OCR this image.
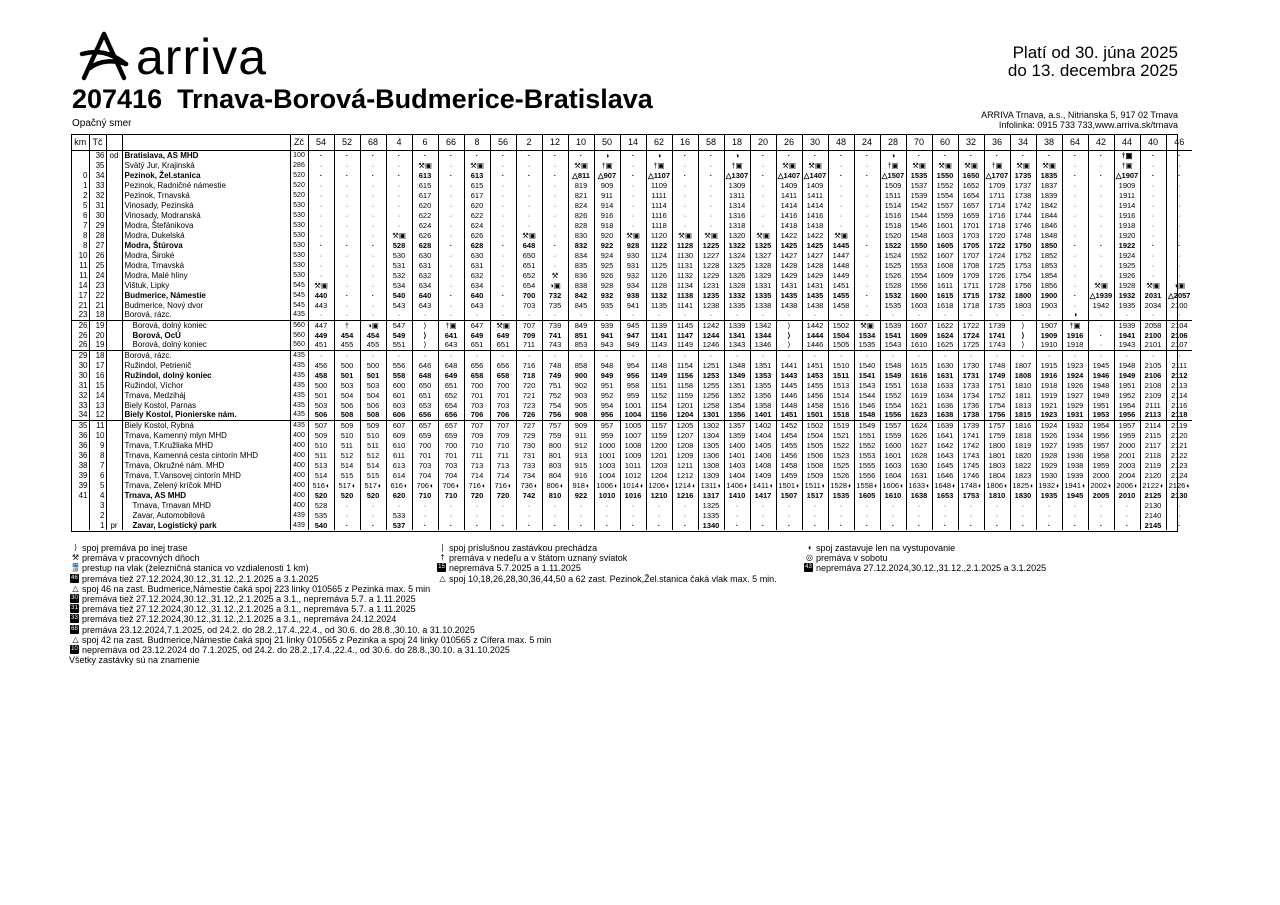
arriva	Platí od 30. júna 2025
do 13. decembra 2025
207416 Trnava-Borová-Budmerice-Bratislava
Opačný smer
ARRIVA Trnava, a.s., Nitrianska 5, 917 02 Trnava
Infolinka: 0915 733 733,www.arriva.sk/trnava
km	Tč			Zč	54	52	68	4	6	66	8	56	2	12	10	50	14	62	16	58	18	20	26	30	48	24	28	70	60	32	36	34	38	64	42	44	40	46
	36	od	Bratislava, AS MHD	100	·	·	·	·	·	·	·	·	·	·	·	◑	·	◑	·	·	◑	·	·	·	·	·	◑	·	·	·	·	·	·	·	·	†▣	·	·
	35		Svätý Jur, Krajinská	286	·	·	·	·	⚒▣	·	⚒▣	·	·	·	⚒▣	†▣	·	†▣	·	·	†▣	·	⚒▣	⚒▣	·	·	†▣	⚒▣	⚒▣	⚒▣	†▣	⚒▣	⚒▣	·	·	†▣	·	·
0	34		Pezinok, Žel.stanica	520	·	·	·	·	613	·	613	·	·	·	△811	△907	·	△1107	·	·	△1307	·	△1407	△1407	·	·	△1507	1535	1550	1650	△1707	1735	1835	·	·	△1907	·	·
1	33		Pezinok, Radničné námestie	520	·	·	·	·	615	·	615	·	·	·	819	909	·	1109	·	·	1309	·	1409	1409	·	·	1509	1537	1552	1652	1709	1737	1837	·	·	1909	·	·
2	32		Pezinok, Trnavská	520	·	·	·	·	617	·	617	·	·	·	821	911	·	1111	·	·	1311	·	1411	1411	·	·	1511	1539	1554	1654	1711	1738	1839	·	·	1911	·	·
5	31		Vinosady, Pezinská	530	·	·	·	·	620	·	620	·	·	·	824	914	·	1114	·	·	1314	·	1414	1414	·	·	1514	1542	1557	1657	1714	1742	1842	·	·	1914	·	·
6	30		Vinosady, Modranská	530	·	·	·	·	622	·	622	·	·	·	826	916	·	1116	·	·	1316	·	1416	1416	·	·	1516	1544	1559	1659	1716	1744	1844	·	·	1916	·	·
7	29		Modra, Štefánikova	530	·	·	·	·	624	·	624	·	·	·	828	918	·	1118	·	·	1318	·	1418	1418	·	·	1518	1546	1601	1701	1718	1746	1846	·	·	1918	·	·
8	28		Modra, Dukelská	530	·	·	·	⚒▣	626	·	626	·	⚒▣	·	830	920	⚒▣	1120	⚒▣	⚒▣	1320	⚒▣	1422	1422	⚒▣	·	1520	1548	1603	1703	1720	1748	1848	·	·	1920	·	·
8	27		Modra, Štúrova	530	·	·	·	528	628	·	628	·	648	·	832	922	928	1122	1128	1225	1322	1325	1425	1425	1445	·	1522	1550	1605	1705	1722	1750	1850	·	·	1922	·	·
10	26		Modra, Široké	530	·	·	·	530	630	·	630	·	650	·	834	924	930	1124	1130	1227	1324	1327	1427	1427	1447	·	1524	1552	1607	1707	1724	1752	1852	·	·	1924	·	·
11	25		Modra, Trnavská	530	·	·	·	531	631	·	631	·	651	·	835	925	931	1125	1131	1228	1325	1328	1428	1428	1448	·	1525	1553	1608	1708	1725	1753	1853	·	·	1925	·	·
11	24		Modra, Malé hliny	530	·	·	·	532	632	·	632	·	652	⚒	836	926	932	1126	1132	1229	1326	1329	1429	1429	1449	·	1526	1554	1609	1709	1726	1754	1854	·	·	1926	·	·
14	23		Vištuk, Lipky	545	⚒▣	·	·	534	634	·	634	·	654	◑▣	838	928	934	1128	1134	1231	1328	1331	1431	1431	1451	·	1528	1556	1611	1711	1728	1756	1856	·	⚒▣	1928	⚒▣	◑▣
17	22		Budmerice, Námestie	545	440	·	·	540	640	·	640	·	700	732	842	932	938	1132	1138	1235	1332	1335	1435	1435	1455	·	1532	1600	1615	1715	1732	1800	1900	·	△1939	1932	2031	△2057
21	21		Budmerice, Nový dvor	545	443	·	·	543	643	·	643	·	703	735	845	935	941	1135	1141	1238	1335	1338	1438	1438	1458	·	1535	1603	1618	1718	1735	1803	1903	·	1942	1935	2034	2100
23	18		Borová, rázc.	435	·	·	·	·	·	·	·	·	·	·	·	·	·	·	·	·	·	·	·	·	·	·	·	·	·	·	·	·	·	◑	·	·	·	·
26	19		Borová, dolný koniec	560	447	†	◑▣	547	⟩	†▣	647	⚒▣	707	739	849	939	945	1139	1145	1242	1339	1342	⟩	1442	1502	⚒▣	1539	1607	1622	1722	1739	⟩	1907	†▣	·	1939	2058	2104
26	20		Borová, OcÚ	560	449	454	454	549	⟩	641	649	649	709	741	851	941	947	1141	1147	1244	1341	1344	⟩	1444	1504	1534	1541	1609	1624	1724	1741	⟩	1909	1916	·	1941	2100	2106
26	19		Borová, dolný koniec	560	451	455	455	551	⟩	643	651	651	711	743	853	943	949	1143	1149	1246	1343	1346	⟩	1446	1505	1535	1543	1610	1625	1725	1743	⟩	1910	1918	·	1943	2101	2107
29	18		Borová, rázc.	435	·	·	·	·	·	·	·	·	·	·	·	·	·	·	·	·	·	·	·	·	·	·	·	·	·	·	·	·	·	·	·	·	·	·
30	17		Ružindol, Petrienič	435	456	500	500	556	646	648	656	656	716	748	858	948	954	1148	1154	1251	1348	1351	1441	1451	1510	1540	1548	1615	1630	1730	1748	1807	1915	1923	1945	1948	2105	2111
30	16		Ružindol, dolný koniec	435	458	501	501	558	648	649	658	658	718	749	900	949	956	1149	1156	1253	1349	1353	1443	1453	1511	1541	1549	1616	1631	1731	1749	1808	1916	1924	1946	1949	2106	2112
31	15		Ružindol, Víchor	435	500	503	503	600	650	651	700	700	720	751	902	951	958	1151	1158	1255	1351	1355	1445	1455	1513	1543	1551	1618	1633	1733	1751	1810	1918	1926	1948	1951	2108	2113
32	14		Trnava, Medziháj	435	501	504	504	601	651	652	701	701	721	752	903	952	959	1152	1159	1256	1352	1356	1446	1456	1514	1544	1552	1619	1634	1734	1752	1811	1919	1927	1949	1952	2109	2114
33	13		Biely Kostol, Parnas	435	503	506	506	603	653	654	703	703	723	754	905	954	1001	1154	1201	1258	1354	1358	1448	1458	1516	1546	1554	1621	1636	1736	1754	1813	1921	1929	1951	1954	2111	2116
34	12		Biely Kostol, Pionierske nám.	435	506	508	508	606	656	656	706	706	726	756	908	956	1004	1156	1204	1301	1356	1401	1451	1501	1518	1548	1556	1623	1638	1738	1756	1815	1923	1931	1953	1956	2113	2118
35	11		Biely Kostol, Rybná	435	507	509	509	607	657	657	707	707	727	757	909	957	1005	1157	1205	1302	1357	1402	1452	1502	1519	1549	1557	1624	1639	1739	1757	1816	1924	1932	1954	1957	2114	2119
36	10		Trnava, Kamenný mlyn MHD	400	509	510	510	609	659	659	709	709	729	759	911	959	1007	1159	1207	1304	1359	1404	1454	1504	1521	1551	1559	1626	1641	1741	1759	1818	1926	1934	1956	1959	2115	2120
36	9		Trnava, T.Kružliaka MHD	400	510	511	511	610	700	700	710	710	730	800	912	1000	1008	1200	1208	1305	1400	1405	1455	1505	1522	1552	1600	1627	1642	1742	1800	1819	1927	1935	1957	2000	2117	2121
36	8		Trnava, Kamenná cesta cintorín MHD	400	511	512	512	611	701	701	711	711	731	801	913	1001	1009	1201	1209	1306	1401	1406	1456	1506	1523	1553	1601	1628	1643	1743	1801	1820	1928	1936	1958	2001	2118	2122
38	7		Trnava, Okružné nám. MHD	400	513	514	514	613	703	703	713	713	733	803	915	1003	1011	1203	1211	1308	1403	1408	1458	1508	1525	1555	1603	1630	1645	1745	1803	1822	1929	1938	1959	2003	2119	2123
39	6		Trnava, T.Vansovej cintorín MHD	400	514	515	515	614	704	704	714	714	734	804	916	1004	1012	1204	1212	1309	1404	1409	1459	1509	1526	1556	1604	1631	1646	1746	1804	1823	1930	1939	2000	2004	2120	2124
39	5		Trnava, Zelený kríčok MHD	400	516◖	517◖	517◖	616◖	706◖	706◖	716◖	716◖	736◖	806◖	918◖	1006◖	1014◖	1206◖	1214◖	1311◖	1406◖	1411◖	1501◖	1511◖	1528◖	1558◖	1606◖	1633◖	1648◖	1748◖	1806◖	1825◖	1932◖	1941◖	2002◖	2006◖	2122◖	2126◖
41	4		Trnava, AS MHD	400	520	520	520	620	710	710	720	720	742	810	922	1010	1016	1210	1216	1317	1410	1417	1507	1517	1535	1605	1610	1638	1653	1753	1810	1830	1935	1945	2005	2010	2125	2130
	3		Trnava, Trnavan MHD	400	528	·	·	·	·	·	·	·	·	·	·	·	·	·	·	1325	·	·	·	·	·	·	·	·	·	·	·	·	·	·	·	·	2130	·
	2		Zavar, Automobilová	439	535	·	·	533	·	·	·	·	·	·	·	·	·	·	·	1335	·	·	·	·	·	·	·	·	·	·	·	·	·	·	·	·	2140	·
	1	pr	Zavar, Logistický park	439	540	·	·	537	·	·	·	·	·	·	·	·	·	·	·	1340	·	·	·	·	·	·	·	·	·	·	·	·	·	·	·	·	2145	·
⟩ spoj premáva po inej trase
⚒ premáva v pracovných dňoch
🚆 prestup na vlak (železničná stanica vo vzdialenosti 1 km)
46 premáva tiež 27.12.2024,30.12.,31.12.,2.1.2025 a 3.1.2025
△ spoj 46 na zast. Budmerice,Námestie čaká spoj 223 linky 010565 z Pezinka max. 5 min
30 premáva tiež 27.12.2024,30.12.,31.12.,2.1.2025 a 3.1., nepremáva 5.7. a 1.11.2025
31 premáva tiež 27.12.2024,30.12.,31.12.,2.1.2025 a 3.1., nepremáva 5.7. a 1.11.2025
33 premáva tiež 27.12.2024,30.12.,31.12.,2.1.2025 a 3.1., nepremáva 24.12.2024
68 premáva 23.12.2024,7.1.2025, od 24.2. do 28.2.,17.4.,22.4., od 30.6. do 28.8.,30.10. a 31.10.2025
△ spoj 42 na zast. Budmerice,Námestie čaká spoj 21 linky 010565 z Pezinka a spoj 24 linky 010565 z Cífera max. 5 min
10 nepremáva od 23.12.2024 do 7.1.2025, od 24.2. do 28.2.,17.4.,22.4., od 30.6. do 28.8.,30.10. a 31.10.2025
Všetky zastávky sú na znamenie
| spoj príslušnou zastávkou prechádza
† premáva v nedeľu a v štátom uznaný sviatok
15 nepremáva 5.7.2025 a 1.11.2025
△ spoj 10,18,26,28,30,36,44,50 a 62 zast. Pezinok,Žel.stanica čaká vlak max. 5 min.
◖ spoj zastavuje len na vystupovanie
◎ premáva v sobotu
43 nepremáva 27.12.2024,30.12.,31.12.,2.1.2025 a 3.1.2025
